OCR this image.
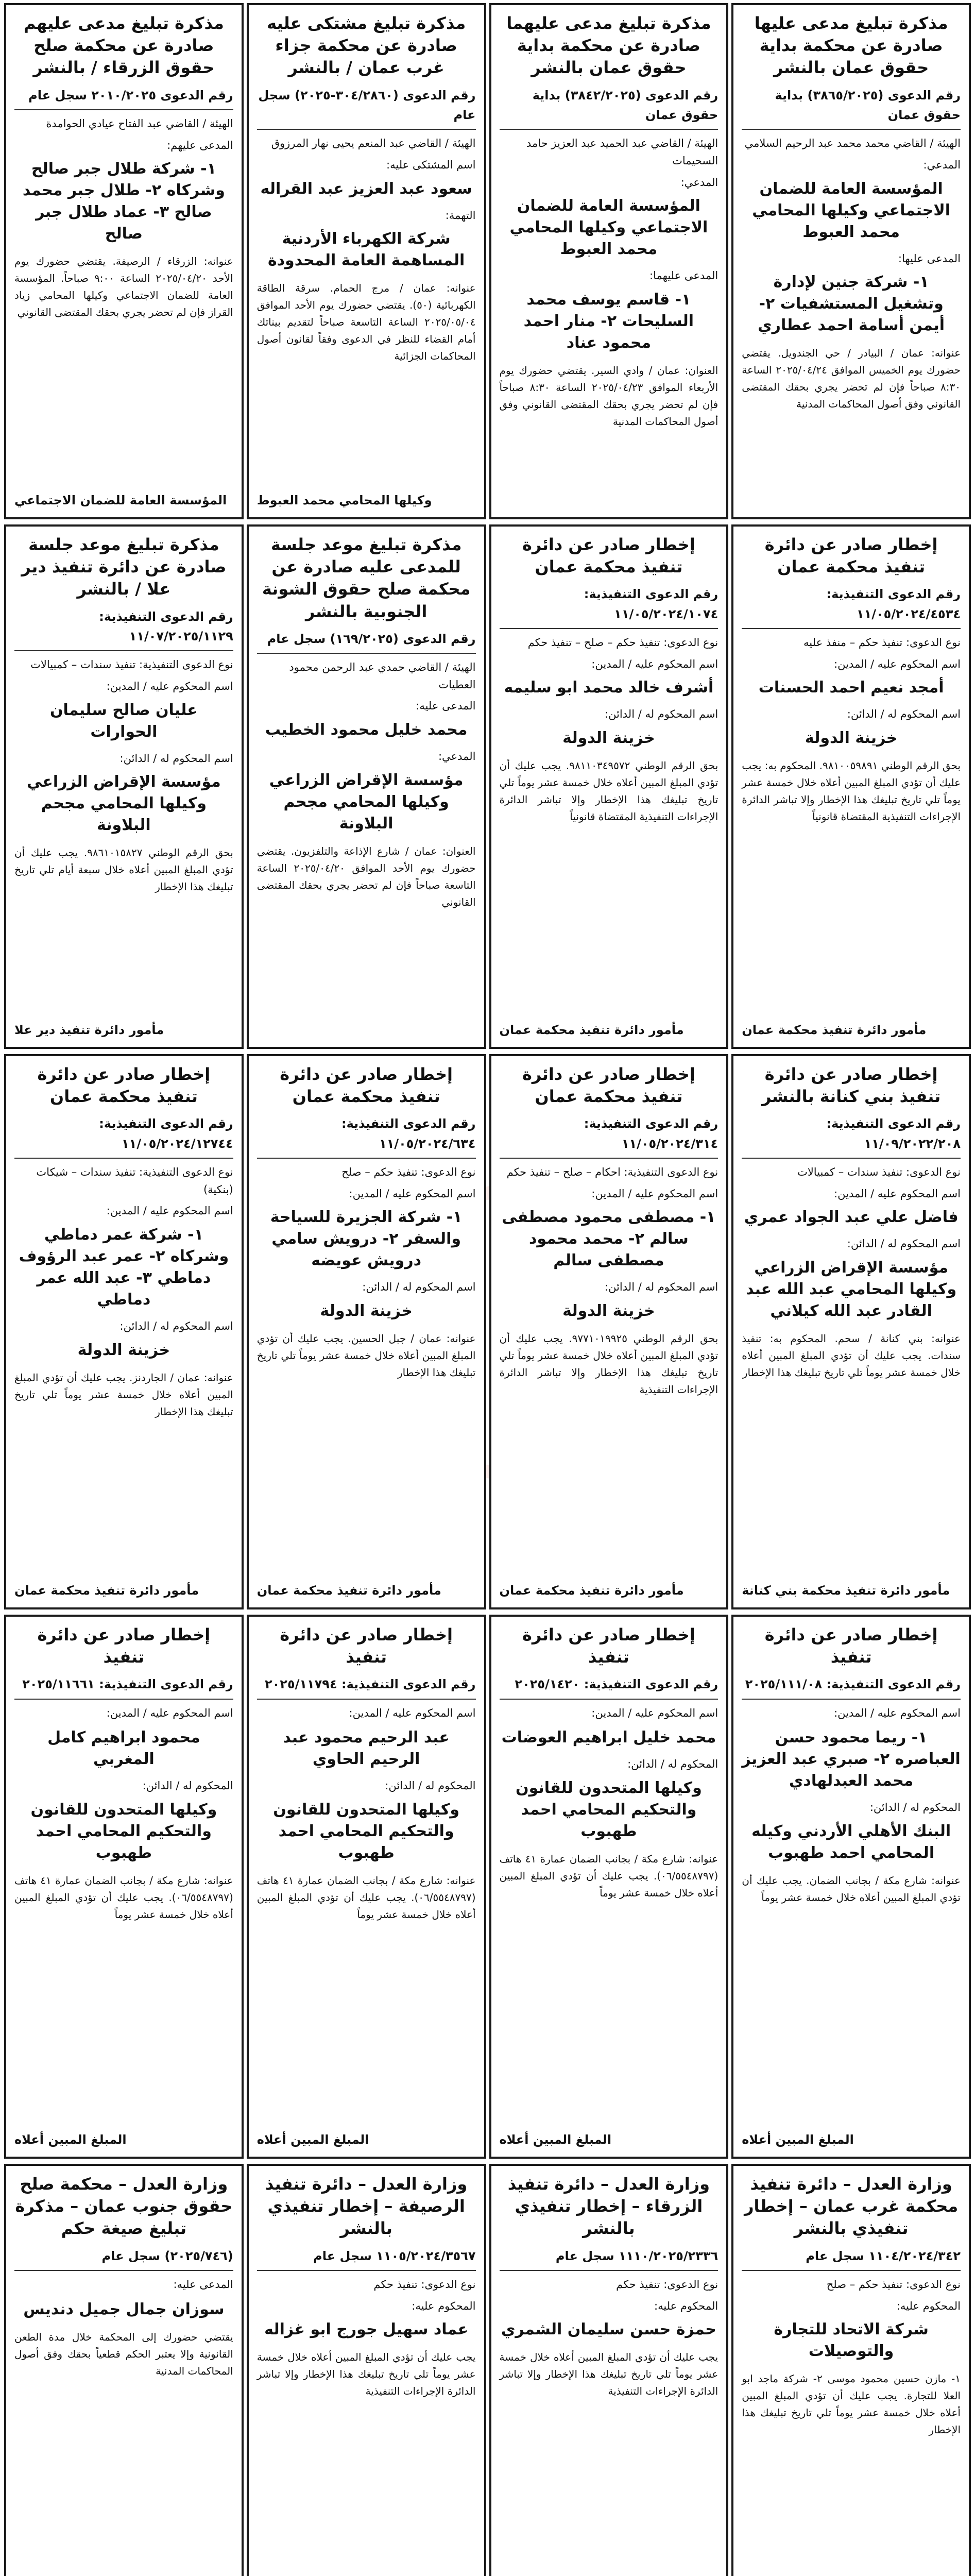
مذكرة تبليغ مدعى عليها صادرة عن محكمة بداية حقوق عمان بالنشر
رقم الدعوى (٣٨٦٥/٢٠٢٥) بداية حقوق عمان
الهيئة / القاضي محمد محمد عبد الرحيم السلامي
المدعي:
المؤسسة العامة للضمان الاجتماعي وكيلها المحامي محمد العبوط
المدعى عليها:
١- شركة جنين لإدارة وتشغيل المستشفيات ٢- أيمن أسامة احمد عطاري
عنوانه: عمان / البيادر / حي الجندويل. يقتضي حضورك يوم الخميس الموافق ٢٠٢٥/٠٤/٢٤ الساعة ٨:٣٠ صباحاً فإن لم تحضر يجري بحقك المقتضى القانوني وفق أصول المحاكمات المدنية
مذكرة تبليغ مدعى عليهما صادرة عن محكمة بداية حقوق عمان بالنشر
رقم الدعوى (٣٨٤٢/٢٠٢٥) بداية حقوق عمان
الهيئة / القاضي عبد الحميد عبد العزيز حامد السحيمات
المدعي:
المؤسسة العامة للضمان الاجتماعي وكيلها المحامي محمد العبوط
المدعى عليهما:
١- قاسم يوسف محمد السليحات ٢- منار احمد محمود عناد
العنوان: عمان / وادي السير. يقتضي حضورك يوم الأربعاء الموافق ٢٠٢٥/٠٤/٢٣ الساعة ٨:٣٠ صباحاً فإن لم تحضر يجري بحقك المقتضى القانوني وفق أصول المحاكمات المدنية
مذكرة تبليغ مشتكى عليه صادرة عن محكمة جزاء غرب عمان / بالنشر
رقم الدعوى (٣٠٤/٢٨٦٠-٢٠٢٥) سجل عام
الهيئة / القاضي عبد المنعم يحيى نهار المرزوق
اسم المشتكى عليه:
سعود عبد العزيز عبد القراله
التهمة:
شركة الكهرباء الأردنية المساهمة العامة المحدودة
عنوانه: عمان / مرج الحمام. سرقة الطاقة الكهربائية (٥٠). يقتضي حضورك يوم الأحد الموافق ٢٠٢٥/٠٥/٠٤ الساعة التاسعة صباحاً لتقديم بيناتك أمام القضاء للنظر في الدعوى وفقاً لقانون أصول المحاكمات الجزائية
وكيلها المحامي محمد العبوط
مذكرة تبليغ مدعى عليهم صادرة عن محكمة صلح حقوق الزرقاء / بالنشر
رقم الدعوى ٢٠١٠/٢٠٢٥ سجل عام
الهيئة / القاضي عبد الفتاح عيادي الحوامدة
المدعى عليهم:
١- شركة طلال جبر صالح وشركاه ٢- طلال جبر محمد صالح ٣- عماد طلال جبر صالح
عنوانه: الزرقاء / الرصيفة. يقتضي حضورك يوم الأحد ٢٠٢٥/٠٤/٢٠ الساعة ٩:٠٠ صباحاً. المؤسسة العامة للضمان الاجتماعي وكيلها المحامي زياد القراز فإن لم تحضر يجري بحقك المقتضى القانوني
المؤسسة العامة للضمان الاجتماعي
إخطار صادر عن دائرة تنفيذ محكمة عمان
رقم الدعوى التنفيذية: ١١/٠٥/٢٠٢٤/٤٥٣٤
نوع الدعوى: تنفيذ حكم – منفذ عليه
اسم المحكوم عليه / المدين:
أمجد نعيم احمد الحسنات
اسم المحكوم له / الدائن:
خزينة الدولة
بحق الرقم الوطني ٩٨١٠٠٥٩٨٩١. المحكوم به: يجب عليك أن تؤدي المبلغ المبين أعلاه خلال خمسة عشر يوماً تلي تاريخ تبليغك هذا الإخطار وإلا تباشر الدائرة الإجراءات التنفيذية المقتضاة قانونياً
مأمور دائرة تنفيذ محكمة عمان
إخطار صادر عن دائرة تنفيذ محكمة عمان
رقم الدعوى التنفيذية: ١١/٠٥/٢٠٢٤/١٠٧٤
نوع الدعوى: تنفيذ حكم – صلح – تنفيذ حكم
اسم المحكوم عليه / المدين:
أشرف خالد محمد ابو سليمه
اسم المحكوم له / الدائن:
خزينة الدولة
بحق الرقم الوطني ٩٨١١٠٣٤٩٥٧٢. يجب عليك أن تؤدي المبلغ المبين أعلاه خلال خمسة عشر يوماً تلي تاريخ تبليغك هذا الإخطار وإلا تباشر الدائرة الإجراءات التنفيذية المقتضاة قانونياً
مأمور دائرة تنفيذ محكمة عمان
مذكرة تبليغ موعد جلسة للمدعى عليه صادرة عن محكمة صلح حقوق الشونة الجنوبية بالنشر
رقم الدعوى (١٦٩/٢٠٢٥) سجل عام
الهيئة / القاضي حمدي عبد الرحمن محمود العطيات
المدعى عليه:
محمد خليل محمود الخطيب
المدعي:
مؤسسة الإقراض الزراعي وكيلها المحامي مجحم البلاونة
العنوان: عمان / شارع الإذاعة والتلفزيون. يقتضي حضورك يوم الأحد الموافق ٢٠٢٥/٠٤/٢٠ الساعة التاسعة صباحاً فإن لم تحضر يجري بحقك المقتضى القانوني
مذكرة تبليغ موعد جلسة صادرة عن دائرة تنفيذ دير علا / بالنشر
رقم الدعوى التنفيذية: ١١/٠٧/٢٠٢٥/١١٢٩
نوع الدعوى التنفيذية: تنفيذ سندات – كمبيالات
اسم المحكوم عليه / المدين:
عليان صالح سليمان الحوارات
اسم المحكوم له / الدائن:
مؤسسة الإقراض الزراعي وكيلها المحامي مجحم البلاونة
بحق الرقم الوطني ٩٨٦١٠١٥٨٢٧. يجب عليك أن تؤدي المبلغ المبين أعلاه خلال سبعة أيام تلي تاريخ تبليغك هذا الإخطار
مأمور دائرة تنفيذ دير علا
إخطار صادر عن دائرة تنفيذ بني كنانة بالنشر
رقم الدعوى التنفيذية: ١١/٠٩/٢٠٢٢/٢٠٨
نوع الدعوى: تنفيذ سندات – كمبيالات
اسم المحكوم عليه / المدين:
فاضل علي عبد الجواد عمري
اسم المحكوم له / الدائن:
مؤسسة الإقراض الزراعي وكيلها المحامي عبد الله عبد القادر عبد الله كيلاني
عنوانه: بني كنانة / سحم. المحكوم به: تنفيذ سندات. يجب عليك أن تؤدي المبلغ المبين أعلاه خلال خمسة عشر يوماً تلي تاريخ تبليغك هذا الإخطار
مأمور دائرة تنفيذ محكمة بني كنانة
إخطار صادر عن دائرة تنفيذ محكمة عمان
رقم الدعوى التنفيذية: ١١/٠٥/٢٠٢٤/٣١٤
نوع الدعوى التنفيذية: احكام – صلح – تنفيذ حكم
اسم المحكوم عليه / المدين:
١- مصطفى محمود مصطفى سالم ٢- محمد محمود مصطفى سالم
اسم المحكوم له / الدائن:
خزينة الدولة
بحق الرقم الوطني ٩٧٧١٠١٩٩٢٥. يجب عليك أن تؤدي المبلغ المبين أعلاه خلال خمسة عشر يوماً تلي تاريخ تبليغك هذا الإخطار وإلا تباشر الدائرة الإجراءات التنفيذية
مأمور دائرة تنفيذ محكمة عمان
إخطار صادر عن دائرة تنفيذ محكمة عمان
رقم الدعوى التنفيذية: ١١/٠٥/٢٠٢٤/٦٣٤
نوع الدعوى: تنفيذ حكم – صلح
اسم المحكوم عليه / المدين:
١- شركة الجزيرة للسياحة والسفر ٢- درويش سامي درويش عويضه
اسم المحكوم له / الدائن:
خزينة الدولة
عنوانه: عمان / جبل الحسين. يجب عليك أن تؤدي المبلغ المبين أعلاه خلال خمسة عشر يوماً تلي تاريخ تبليغك هذا الإخطار
مأمور دائرة تنفيذ محكمة عمان
إخطار صادر عن دائرة تنفيذ محكمة عمان
رقم الدعوى التنفيذية: ١١/٠٥/٢٠٢٤/١٢٧٤٤
نوع الدعوى التنفيذية: تنفيذ سندات – شيكات (بنكية)
اسم المحكوم عليه / المدين:
١- شركة عمر دماطي وشركاه ٢- عمر عبد الرؤوف دماطي ٣- عبد الله عمر دماطي
اسم المحكوم له / الدائن:
خزينة الدولة
عنوانه: عمان / الجاردنز. يجب عليك أن تؤدي المبلغ المبين أعلاه خلال خمسة عشر يوماً تلي تاريخ تبليغك هذا الإخطار
مأمور دائرة تنفيذ محكمة عمان
إخطار صادر عن دائرة تنفيذ
رقم الدعوى التنفيذية: ٢٠٢٥/١١١/٠٨
اسم المحكوم عليه / المدين:
١- ريما محمود حسن العباصره ٢- صبري عبد العزيز محمد العبدلهادي
المحكوم له / الدائن:
البنك الأهلي الأردني وكيله المحامي احمد طهبوب
عنوانه: شارع مكة / بجانب الضمان. يجب عليك أن تؤدي المبلغ المبين أعلاه خلال خمسة عشر يوماً
المبلغ المبين أعلاه
إخطار صادر عن دائرة تنفيذ
رقم الدعوى التنفيذية: ٢٠٢٥/١٤٢٠
اسم المحكوم عليه / المدين:
محمد خليل ابراهيم العوضات
المحكوم له / الدائن:
وكيلها المتحدون للقانون والتحكيم المحامي احمد طهبوب
عنوانه: شارع مكة / بجانب الضمان عمارة ٤١ هاتف (٠٦/٥٥٤٨٧٩٧). يجب عليك أن تؤدي المبلغ المبين أعلاه خلال خمسة عشر يوماً
المبلغ المبين أعلاه
إخطار صادر عن دائرة تنفيذ
رقم الدعوى التنفيذية: ٢٠٢٥/١١٧٩٤
اسم المحكوم عليه / المدين:
عبد الرحيم محمود عبد الرحيم الحاوي
المحكوم له / الدائن:
وكيلها المتحدون للقانون والتحكيم المحامي احمد طهبوب
عنوانه: شارع مكة / بجانب الضمان عمارة ٤١ هاتف (٠٦/٥٥٤٨٧٩٧). يجب عليك أن تؤدي المبلغ المبين أعلاه خلال خمسة عشر يوماً
المبلغ المبين أعلاه
إخطار صادر عن دائرة تنفيذ
رقم الدعوى التنفيذية: ٢٠٢٥/١١٦٦١
اسم المحكوم عليه / المدين:
محمود ابراهيم كامل المغربي
المحكوم له / الدائن:
وكيلها المتحدون للقانون والتحكيم المحامي احمد طهبوب
عنوانه: شارع مكة / بجانب الضمان عمارة ٤١ هاتف (٠٦/٥٥٤٨٧٩٧). يجب عليك أن تؤدي المبلغ المبين أعلاه خلال خمسة عشر يوماً
المبلغ المبين أعلاه
وزارة العدل – دائرة تنفيذ محكمة غرب عمان – إخطار تنفيذي بالنشر
١١٠٤/٢٠٢٤/٣٤٢ سجل عام
نوع الدعوى: تنفيذ حكم – صلح
المحكوم عليه:
شركة الاتحاد للتجارة والتوصيلات
١- مازن حسين محمود موسى ٢- شركة ماجد ابو العلا للتجارة. يجب عليك أن تؤدي المبلغ المبين أعلاه خلال خمسة عشر يوماً تلي تاريخ تبليغك هذا الإخطار
وزارة العدل – دائرة تنفيذ الزرقاء – إخطار تنفيذي بالنشر
١١١٠/٢٠٢٥/٢٣٣٦ سجل عام
نوع الدعوى: تنفيذ حكم
المحكوم عليه:
حمزة حسن سليمان الشمري
يجب عليك أن تؤدي المبلغ المبين أعلاه خلال خمسة عشر يوماً تلي تاريخ تبليغك هذا الإخطار وإلا تباشر الدائرة الإجراءات التنفيذية
وزارة العدل – دائرة تنفيذ الرصيفة – إخطار تنفيذي بالنشر
١١٠٥/٢٠٢٤/٣٥٦٧ سجل عام
نوع الدعوى: تنفيذ حكم
المحكوم عليه:
عماد سهيل جورج ابو غزاله
يجب عليك أن تؤدي المبلغ المبين أعلاه خلال خمسة عشر يوماً تلي تاريخ تبليغك هذا الإخطار وإلا تباشر الدائرة الإجراءات التنفيذية
وزارة العدل – محكمة صلح حقوق جنوب عمان – مذكرة تبليغ صيغة حكم
(٢٠٢٥/٧٤٦) سجل عام
المدعى عليه:
سوزان جمال جميل دنديس
يقتضي حضورك إلى المحكمة خلال مدة الطعن القانونية وإلا يعتبر الحكم قطعياً بحقك وفق أصول المحاكمات المدنية
